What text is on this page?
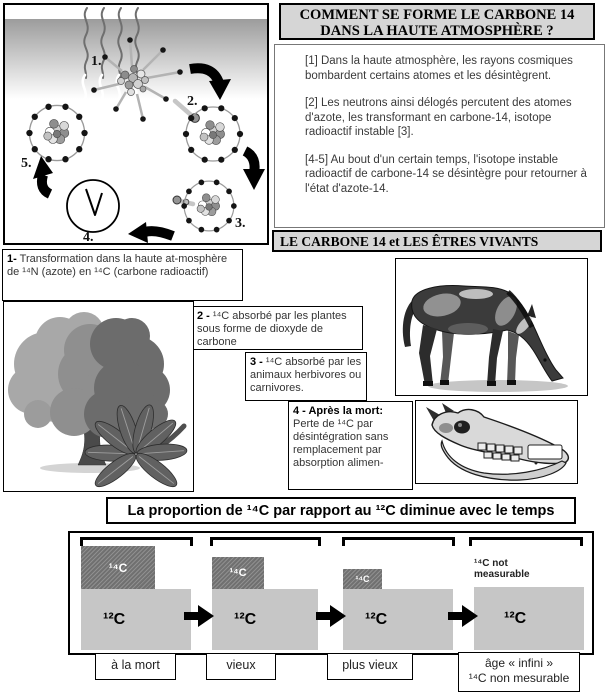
1.
2.
3.
4.
5.
COMMENT SE FORME LE CARBONE 14
DANS LA HAUTE ATMOSPHÈRE ?

[1] Dans la haute atmosphère, les rayons cosmiques bombardent certains atomes et les désintègrent.

[2] Les neutrons ainsi délogés percutent des atomes d'azote, les transformant en carbone-14, isotope radioactif instable [3].

[4-5] Au bout d'un certain temps, l'isotope instable radioactif de carbone-14 se désintègre pour retourner à l'état d'azote-14.

LE CARBONE 14 et LES ÊTRES VIVANTS
1- Transformation dans la haute at-mosphère de ¹⁴N (azote) en ¹⁴C (carbone radioactif)
2 - ¹⁴C absorbé par les plantes sous forme de dioxyde de carbone
3 - ¹⁴C absorbé par les animaux herbivores ou carnivores.
4 - Après la mort:
Perte de ¹⁴C par désintégration sans remplacement par absorption alimen-
La proportion de ¹⁴C par rapport au ¹²C diminue avec le temps
¹⁴C
¹²C
¹⁴C
¹²C
¹⁴C
¹²C
¹⁴C not measurable
¹²C
à la mort	vieux	plus vieux	âge « infini »
¹⁴C non mesurable
